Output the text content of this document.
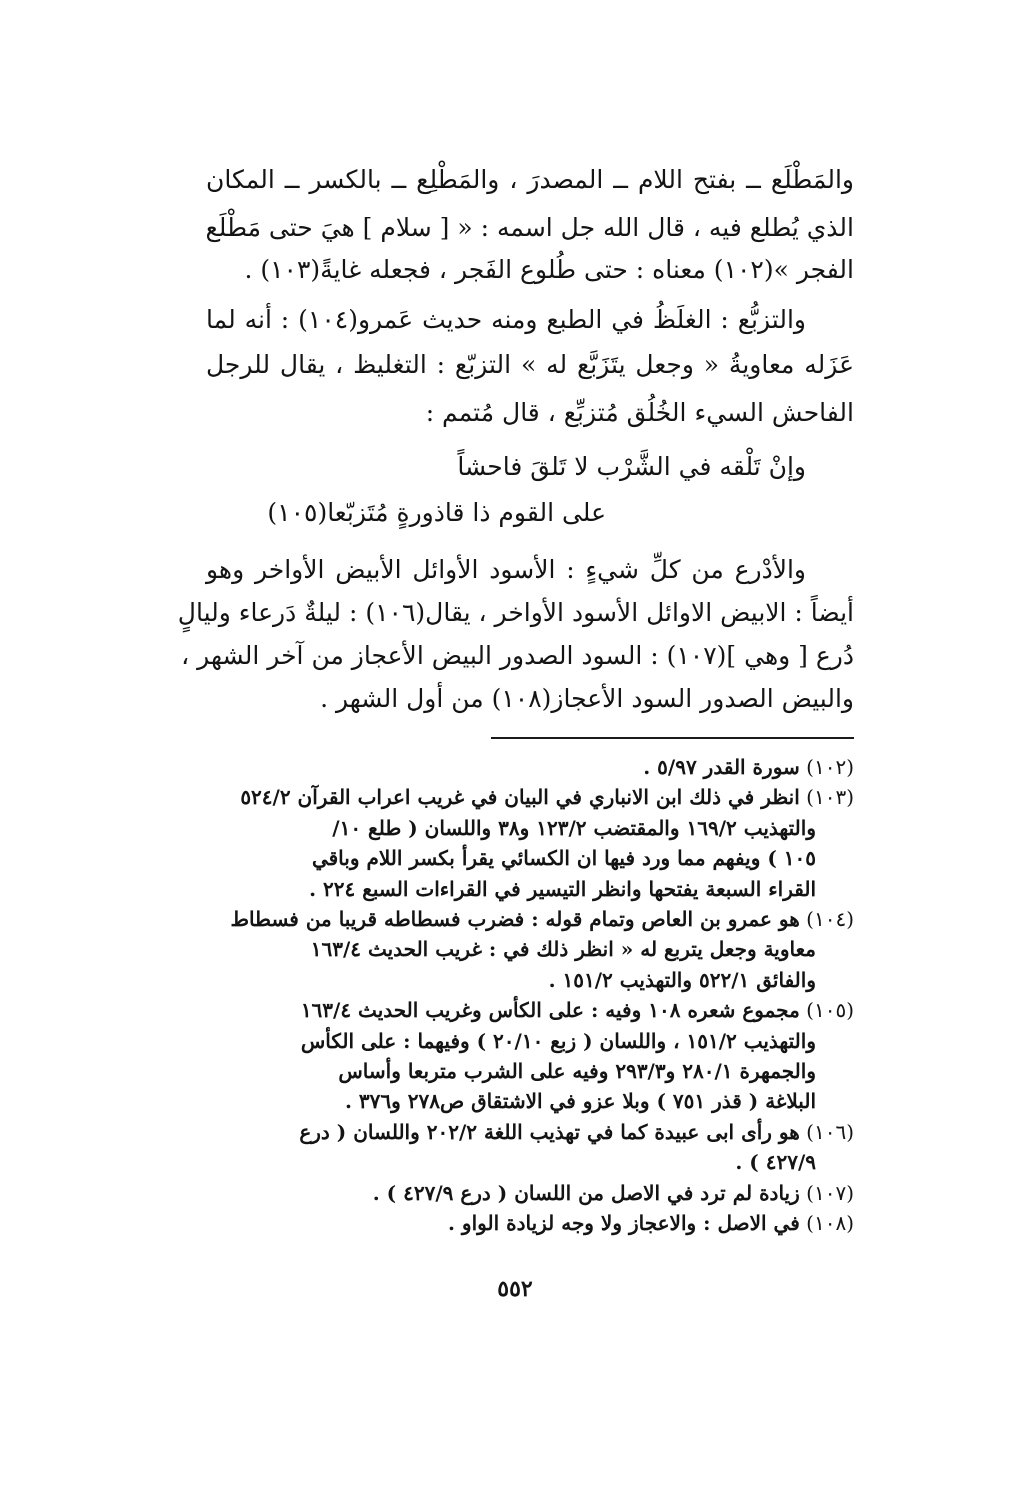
والمَطْلَع ــ بفتح اللام ــ المصدرَ ، والمَطْلِع ــ بالكسر ــ المكان
الذي يُطلع فيه ، قال الله جل اسمه : « [ سلام ] هيَ حتى مَطْلَع
الفجر »(١٠٢) معناه : حتى طُلوع الفَجر ، فجعله غايةً(١٠٣) .
والتزبُّع : الغلَظُ في الطبع ومنه حديث عَمرو(١٠٤) : أنه لما
عَزَله معاويةُ « وجعل يتَزَبَّع له » التزبّع : التغليظ ، يقال للرجل
الفاحش السيء الخُلُق مُتزبِّع ، قال مُتمم :
وإنْ تَلْقه في الشَّرْب لا تَلقَ فاحشاً
على القوم ذا قاذورةٍ مُتَزبّعا(١٠٥)
والأدْرع من كلِّ شيءٍ : الأسود الأوائل الأبيض الأواخر وهو
أيضاً : الابيض الاوائل الأسود الأواخر ، يقال(١٠٦) : ليلةٌ دَرعاء وليالٍ
دُرع [ وهي ](١٠٧) : السود الصدور البيض الأعجاز من آخر الشهر ،
والبيض الصدور السود الأعجاز(١٠٨) من أول الشهر .
(١٠٢) سورة القدر ٥/٩٧ .
(١٠٣) انظر في ذلك ابن الانباري في البيان في غريب اعراب القرآن ٥٢٤/٢
والتهذيب ١٦٩/٢ والمقتضب ١٢٣/٢ و٣٨ واللسان ( طلع ١٠/
١٠٥ ) ويفهم مما ورد فيها ان الكسائي يقرأ بكسر اللام وباقي
القراء السبعة يفتحها وانظر التيسير في القراءات السبع ٢٢٤ .
(١٠٤) هو عمرو بن العاص وتمام قوله : فضرب فسطاطه قريبا من فسطاط
معاوية وجعل يتربع له « انظر ذلك في : غريب الحديث ١٦٣/٤
والفائق ٥٢٢/١ والتهذيب ١٥١/٢ .
(١٠٥) مجموع شعره ١٠٨ وفيه : على الكأس وغريب الحديث ١٦٣/٤
والتهذيب ١٥١/٢ ، واللسان ( زبع ٢٠/١٠ ) وفيهما : على الكأس
والجمهرة ٢٨٠/١ و٢٩٣/٣ وفيه على الشرب متربعا وأساس
البلاغة ( قذر ٧٥١ ) وبلا عزو في الاشتقاق ص٢٧٨ و٣٧٦ .
(١٠٦) هو رأى ابى عبيدة كما في تهذيب اللغة ٢٠٢/٢ واللسان ( درع
٤٢٧/٩ ) .
(١٠٧) زيادة لم ترد في الاصل من اللسان ( درع ٤٢٧/٩ ) .
(١٠٨) في الاصل : والاعجاز ولا وجه لزيادة الواو .
٥٥٢
